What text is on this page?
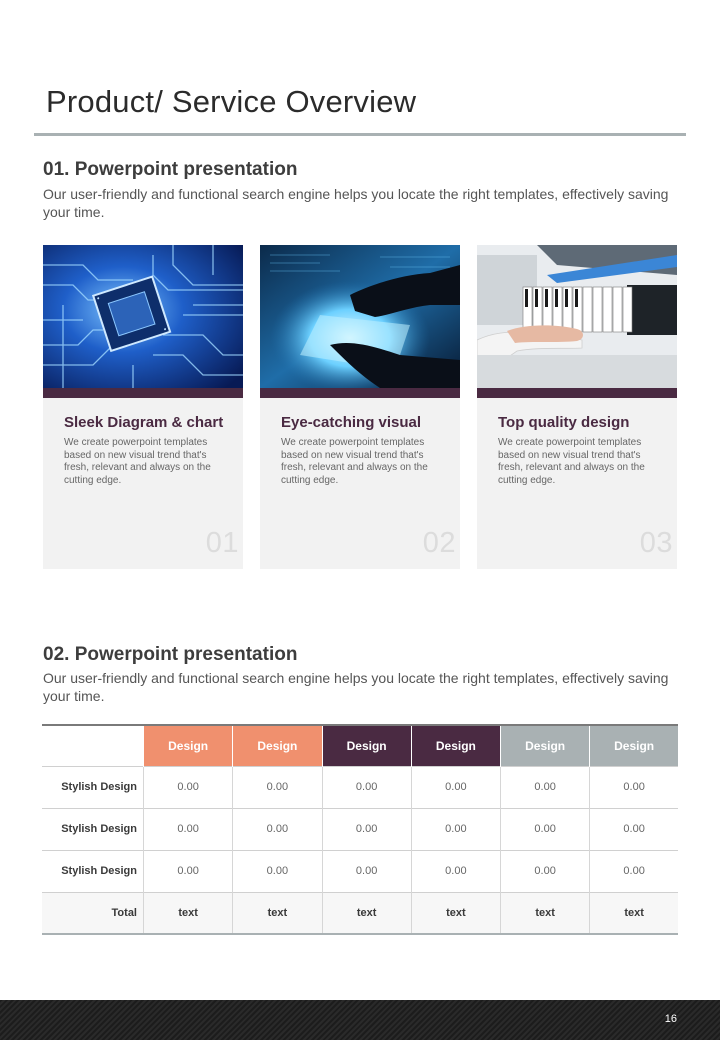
Product/ Service Overview
01. Powerpoint presentation
Our user-friendly and functional search engine helps you locate the right templates, effectively saving your time.
Sleek Diagram & chart
We create powerpoint templates based on new visual trend that's fresh, relevant and always on the cutting edge.
01
Eye-catching visual
We create powerpoint templates based on new visual trend that's fresh, relevant and always on the cutting edge.
02
Top quality design
We create powerpoint templates based on new visual trend that's fresh, relevant and always on the cutting edge.
03
02. Powerpoint presentation
Our user-friendly and functional search engine helps you locate the right templates, effectively saving your time.
	Design	Design	Design	Design	Design	Design
Stylish Design	0.00	0.00	0.00	0.00	0.00	0.00
Stylish Design	0.00	0.00	0.00	0.00	0.00	0.00
Stylish Design	0.00	0.00	0.00	0.00	0.00	0.00
Total	text	text	text	text	text	text
16
